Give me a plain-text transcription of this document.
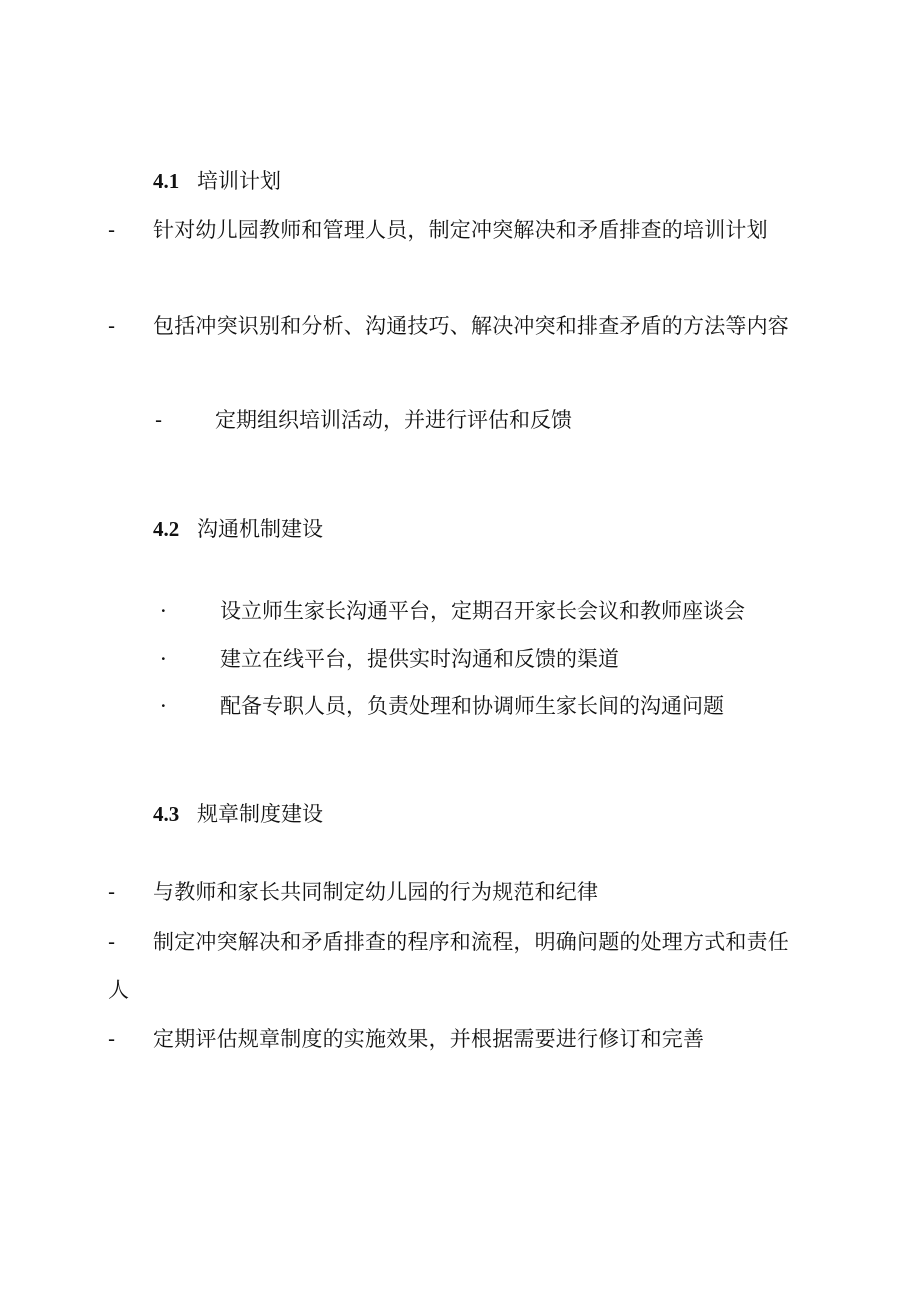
4.1 培训计划
- 针对幼儿园教师和管理人员，制定冲突解决和矛盾排查的培训计划
- 包括冲突识别和分析、沟通技巧、解决冲突和排查矛盾的方法等内容
-	定期组织培训活动，并进行评估和反馈
4.2 沟通机制建设
·	设立师生家长沟通平台，定期召开家长会议和教师座谈会
·	建立在线平台，提供实时沟通和反馈的渠道
·	配备专职人员，负责处理和协调师生家长间的沟通问题
4.3 规章制度建设
- 与教师和家长共同制定幼儿园的行为规范和纪律
- 制定冲突解决和矛盾排查的程序和流程，明确问题的处理方式和责任人
- 定期评估规章制度的实施效果，并根据需要进行修订和完善
